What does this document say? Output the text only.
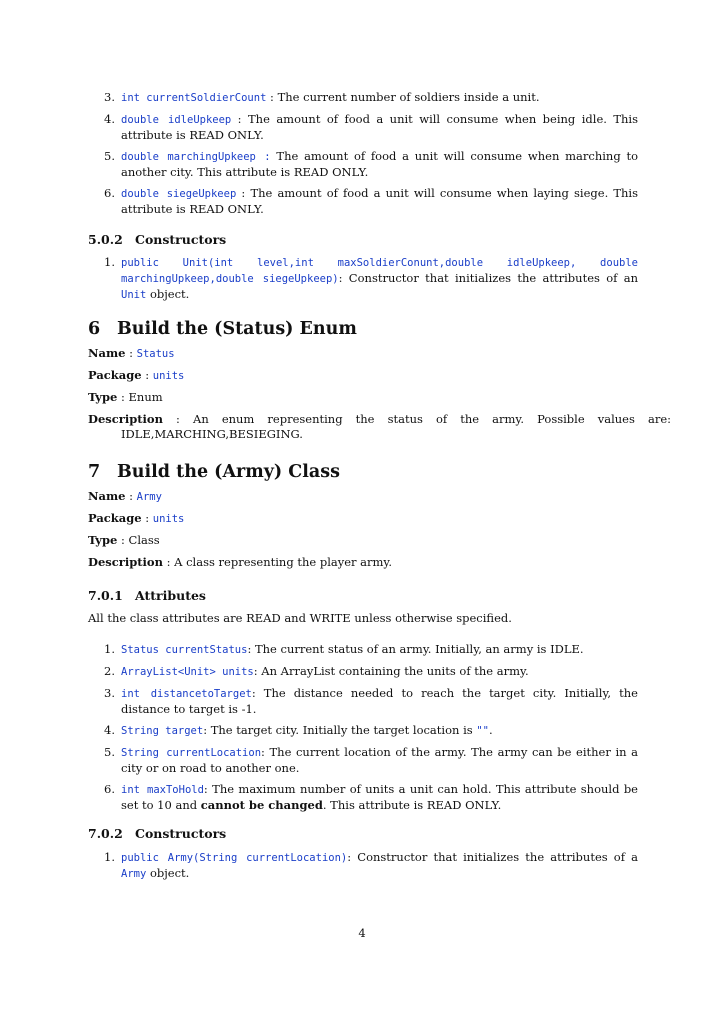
3. int currentSoldierCount : The current number of soldiers inside a unit.
4. double idleUpkeep : The amount of food a unit will consume when being idle. This attribute is READ ONLY.
5. double marchingUpkeep : The amount of food a unit will consume when marching to another city. This attribute is READ ONLY.
6. double siegeUpkeep : The amount of food a unit will consume when laying siege. This attribute is READ ONLY.
5.0.2 Constructors
1. public Unit(int level,int maxSoldierConunt,double idleUpkeep, double marchingUpkeep,double siegeUpkeep): Constructor that initializes the attributes of an Unit object.
6 Build the (Status) Enum
Name : Status
Package : units
Type : Enum
Description : An enum representing the status of the army. Possible values are: IDLE,MARCHING,BESIEGING.
7 Build the (Army) Class
Name : Army
Package : units
Type : Class
Description : A class representing the player army.
7.0.1 Attributes
All the class attributes are READ and WRITE unless otherwise specified.
1. Status currentStatus: The current status of an army. Initially, an army is IDLE.
2. ArrayList<Unit> units: An ArrayList containing the units of the army.
3. int distancetoTarget: The distance needed to reach the target city. Initially, the distance to target is -1.
4. String target: The target city. Initially the target location is "".
5. String currentLocation: The current location of the army. The army can be either in a city or on road to another one.
6. int maxToHold: The maximum number of units a unit can hold. This attribute should be set to 10 and cannot be changed. This attribute is READ ONLY.
7.0.2 Constructors
1. public Army(String currentLocation): Constructor that initializes the attributes of a Army object.
4
